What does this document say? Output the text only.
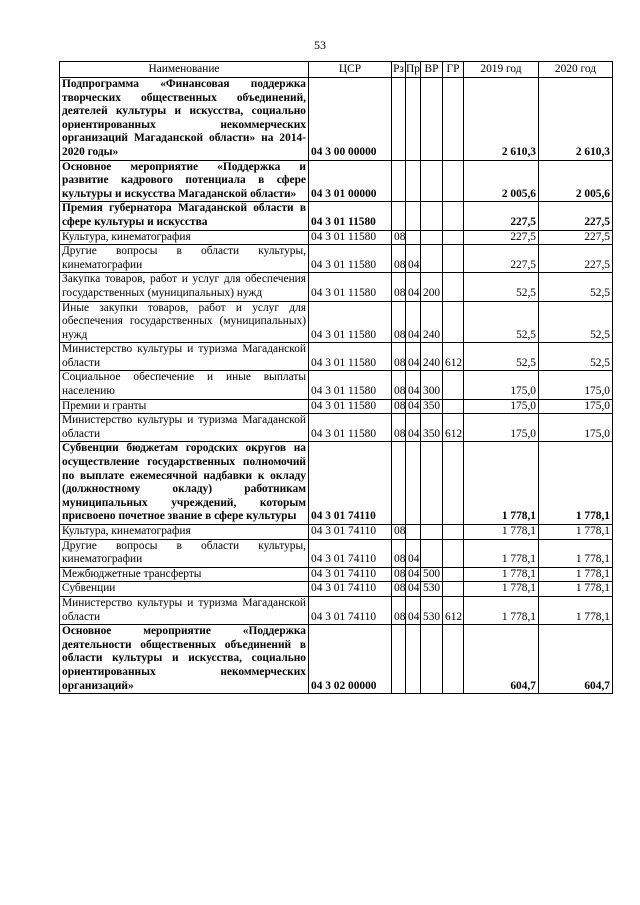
53
Наименование	ЦСР	Рз	Пр	ВР	ГР	2019 год	2020 год
Подпрограмма «Финансовая поддержка творческих общественных объединений, деятелей культуры и искусства, социально ориентированных некоммерческих организаций Магаданской области» на 2014-2020 годы»	04 3 00 00000					2 610,3	2 610,3
Основное мероприятие «Поддержка и развитие кадрового потенциала в сфере культуры и искусства Магаданской области»	04 3 01 00000					2 005,6	2 005,6
Премия губернатора Магаданской области в сфере культуры и искусства	04 3 01 11580					227,5	227,5
Культура, кинематография	04 3 01 11580	08				227,5	227,5
Другие вопросы в области культуры, кинематографии	04 3 01 11580	08	04			227,5	227,5
Закупка товаров, работ и услуг для обеспечения государственных (муниципальных) нужд	04 3 01 11580	08	04	200		52,5	52,5
Иные закупки товаров, работ и услуг для обеспечения государственных (муниципальных) нужд	04 3 01 11580	08	04	240		52,5	52,5
Министерство культуры и туризма Магаданской области	04 3 01 11580	08	04	240	612	52,5	52,5
Социальное обеспечение и иные выплаты населению	04 3 01 11580	08	04	300		175,0	175,0
Премии и гранты	04 3 01 11580	08	04	350		175,0	175,0
Министерство культуры и туризма Магаданской области	04 3 01 11580	08	04	350	612	175,0	175,0
Субвенции бюджетам городских округов на осуществление государственных полномочий по выплате ежемесячной надбавки к окладу (должностному окладу) работникам муниципальных учреждений, которым присвоено почетное звание в сфере культуры	04 3 01 74110					1 778,1	1 778,1
Культура, кинематография	04 3 01 74110	08				1 778,1	1 778,1
Другие вопросы в области культуры, кинематографии	04 3 01 74110	08	04			1 778,1	1 778,1
Межбюджетные трансферты	04 3 01 74110	08	04	500		1 778,1	1 778,1
Субвенции	04 3 01 74110	08	04	530		1 778,1	1 778,1
Министерство культуры и туризма Магаданской области	04 3 01 74110	08	04	530	612	1 778,1	1 778,1
Основное мероприятие «Поддержка деятельности общественных объединений в области культуры и искусства, социально ориентированных некоммерческих организаций»	04 3 02 00000					604,7	604,7
